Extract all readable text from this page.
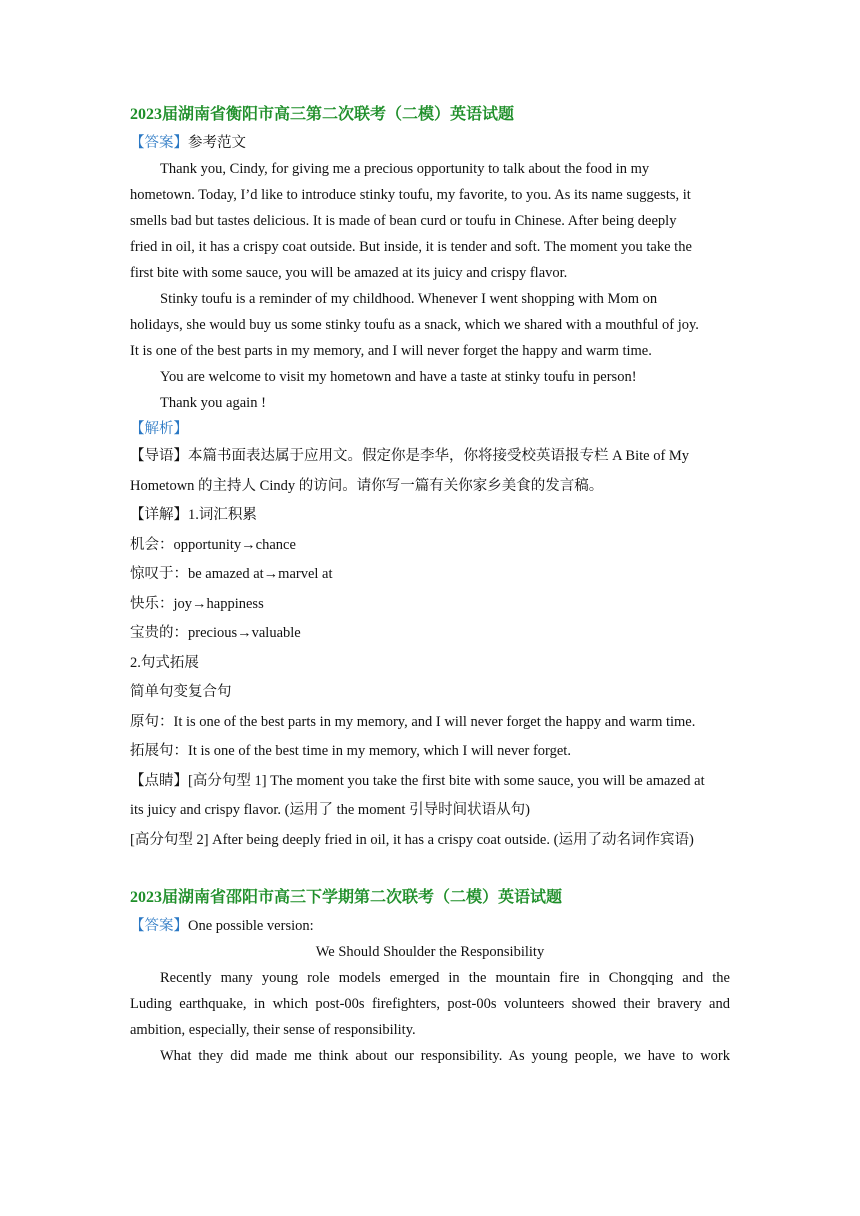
2023届湖南省衡阳市高三第二次联考（二模）英语试题
【答案】参考范文
Thank you, Cindy, for giving me a precious opportunity to talk about the food in my
hometown. Today, I’d like to introduce stinky toufu, my favorite, to you. As its name suggests, it
smells bad but tastes delicious. It is made of bean curd or toufu in Chinese. After being deeply
fried in oil, it has a crispy coat outside. But inside, it is tender and soft. The moment you take the
first bite with some sauce, you will be amazed at its juicy and crispy flavor.
Stinky toufu is a reminder of my childhood. Whenever I went shopping with Mom on
holidays, she would buy us some stinky toufu as a snack, which we shared with a mouthful of joy.
It is one of the best parts in my memory, and I will never forget the happy and warm time.
You are welcome to visit my hometown and have a taste at stinky toufu in person!
Thank you again !
【解析】
【导语】本篇书面表达属于应用文。假定你是李华，你将接受校英语报专栏 A Bite of My
Hometown 的主持人 Cindy 的访问。请你写一篇有关你家乡美食的发言稿。
【详解】1.词汇积累
机会：opportunity→chance
惊叹于：be amazed at→marvel at
快乐：joy→happiness
宝贵的：precious→valuable
2.句式拓展
简单句变复合句
原句：It is one of the best parts in my memory, and I will never forget the happy and warm time.
拓展句：It is one of the best time in my memory, which I will never forget.
【点睛】[高分句型 1] The moment you take the first bite with some sauce, you will be amazed at
its juicy and crispy flavor. (运用了 the moment 引导时间状语从句)
[高分句型 2] After being deeply fried in oil, it has a crispy coat outside. (运用了动名词作宾语)
2023届湖南省邵阳市高三下学期第二次联考（二模）英语试题
【答案】One possible version:
We Should Shoulder the Responsibility
Recently many young role models emerged in the mountain fire in Chongqing and the
Luding earthquake, in which post-00s firefighters, post-00s volunteers showed their bravery and
ambition, especially, their sense of responsibility.
What they did made me think about our responsibility. As young people, we have to work
